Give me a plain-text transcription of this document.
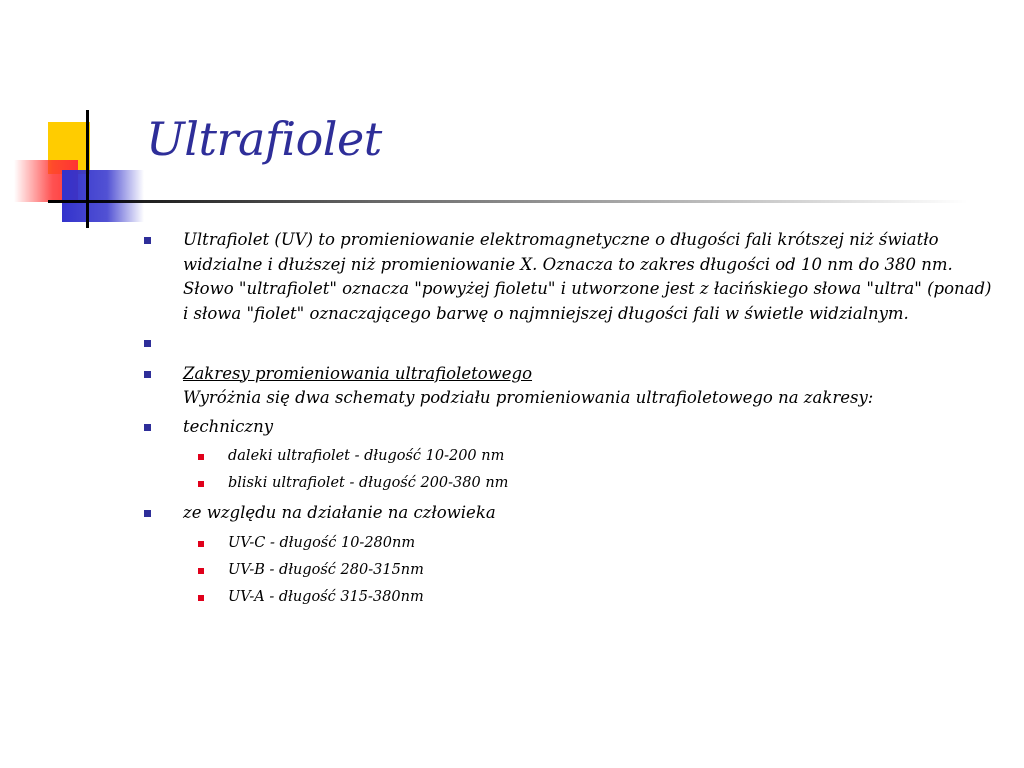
Ultrafiolet
Ultrafiolet (UV) to promieniowanie elektromagnetyczne o długości fali krótszej niż światło widzialne i dłuższej niż promieniowanie X. Oznacza to zakres długości od 10 nm do 380 nm. Słowo "ultrafiolet" oznacza "powyżej fioletu" i utworzone jest z łacińskiego słowa "ultra" (ponad) i słowa "fiolet" oznaczającego barwę o najmniejszej długości fali w świetle widzialnym.
Zakresy promieniowania ultrafioletowego
Wyróżnia się dwa schematy podziału promieniowania ultrafioletowego na zakresy:
techniczny
daleki ultrafiolet - długość 10-200 nm
bliski ultrafiolet - długość 200-380 nm
ze względu na działanie na człowieka
UV-C - długość 10-280nm
UV-B - długość 280-315nm
UV-A - długość 315-380nm
